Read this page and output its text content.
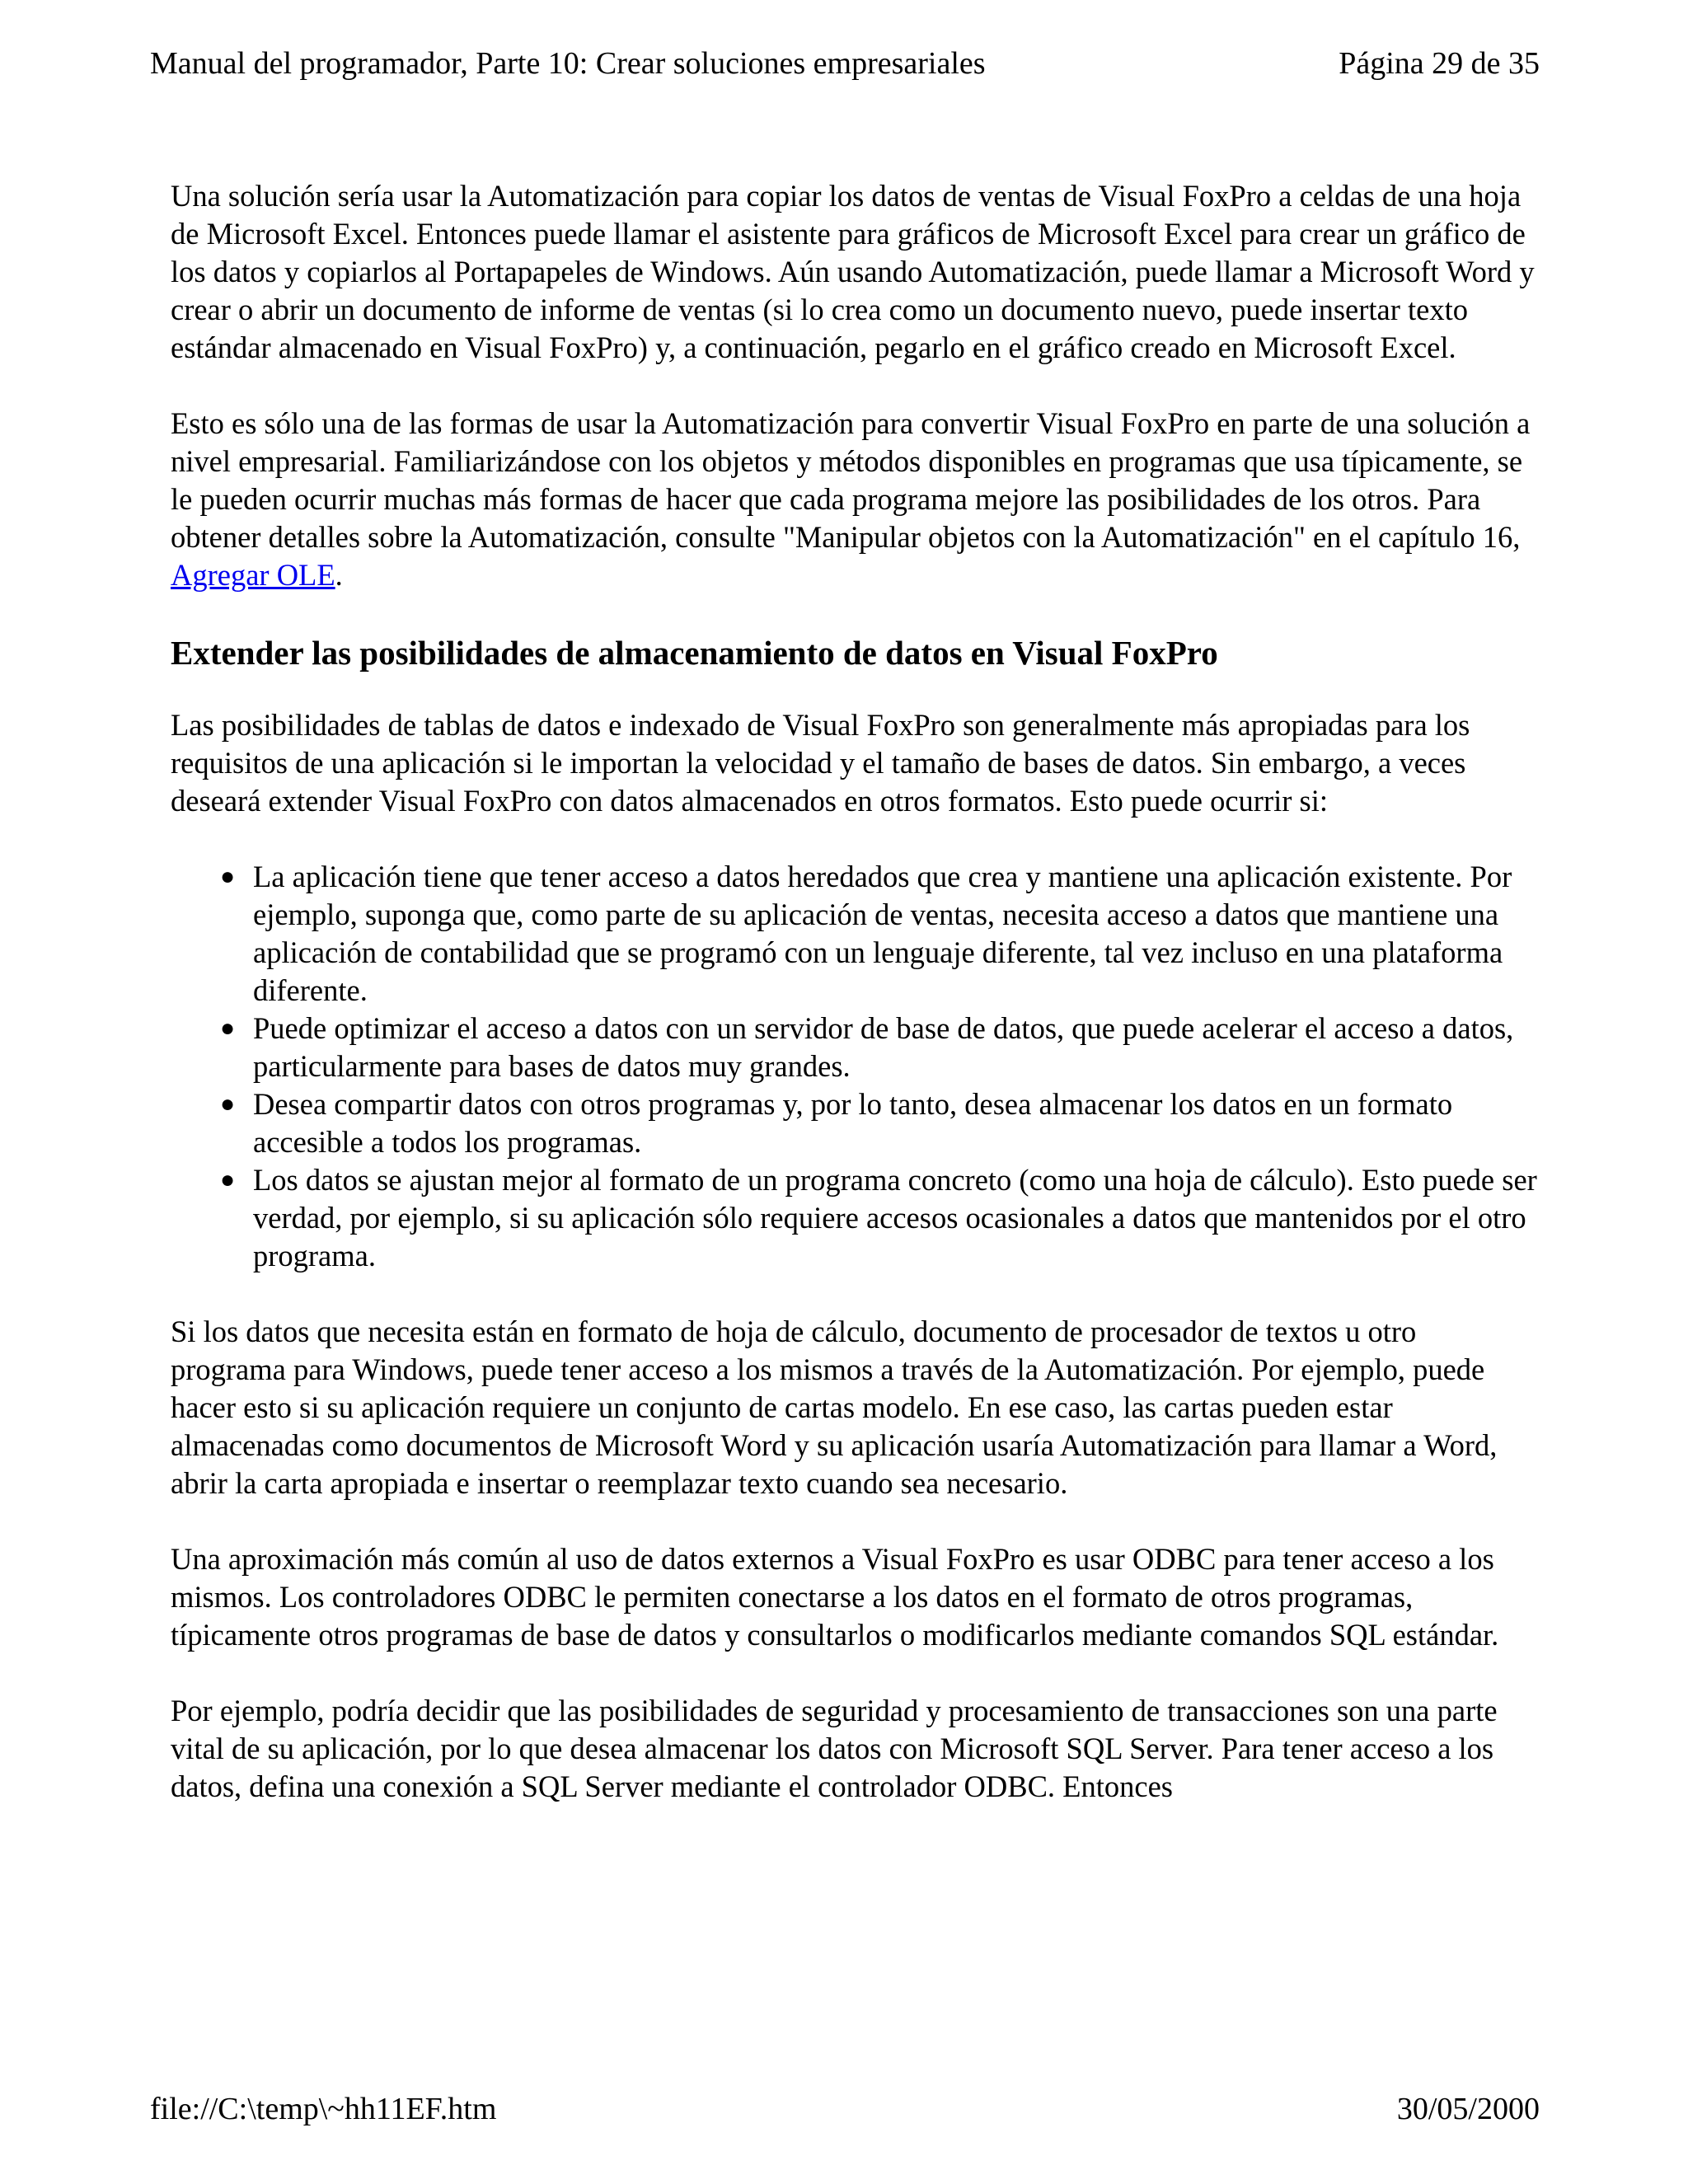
Manual del programador, Parte 10: Crear soluciones empresariales	Página 29 de 35

Una solución sería usar la Automatización para copiar los datos de ventas de Visual FoxPro a celdas de una hoja de Microsoft Excel. Entonces puede llamar el asistente para gráficos de Microsoft Excel para crear un gráfico de los datos y copiarlos al Portapapeles de Windows. Aún usando Automatización, puede llamar a Microsoft Word y crear o abrir un documento de informe de ventas (si lo crea como un documento nuevo, puede insertar texto estándar almacenado en Visual FoxPro) y, a continuación, pegarlo en el gráfico creado en Microsoft Excel.

Esto es sólo una de las formas de usar la Automatización para convertir Visual FoxPro en parte de una solución a nivel empresarial. Familiarizándose con los objetos y métodos disponibles en programas que usa típicamente, se le pueden ocurrir muchas más formas de hacer que cada programa mejore las posibilidades de los otros. Para obtener detalles sobre la Automatización, consulte "Manipular objetos con la Automatización" en el capítulo 16, Agregar OLE.

Extender las posibilidades de almacenamiento de datos en Visual FoxPro

Las posibilidades de tablas de datos e indexado de Visual FoxPro son generalmente más apropiadas para los requisitos de una aplicación si le importan la velocidad y el tamaño de bases de datos. Sin embargo, a veces deseará extender Visual FoxPro con datos almacenados en otros formatos. Esto puede ocurrir si:

● La aplicación tiene que tener acceso a datos heredados que crea y mantiene una aplicación existente. Por ejemplo, suponga que, como parte de su aplicación de ventas, necesita acceso a datos que mantiene una aplicación de contabilidad que se programó con un lenguaje diferente, tal vez incluso en una plataforma diferente.
● Puede optimizar el acceso a datos con un servidor de base de datos, que puede acelerar el acceso a datos, particularmente para bases de datos muy grandes.
● Desea compartir datos con otros programas y, por lo tanto, desea almacenar los datos en un formato accesible a todos los programas.
● Los datos se ajustan mejor al formato de un programa concreto (como una hoja de cálculo). Esto puede ser verdad, por ejemplo, si su aplicación sólo requiere accesos ocasionales a datos que mantenidos por el otro programa.

Si los datos que necesita están en formato de hoja de cálculo, documento de procesador de textos u otro programa para Windows, puede tener acceso a los mismos a través de la Automatización. Por ejemplo, puede hacer esto si su aplicación requiere un conjunto de cartas modelo. En ese caso, las cartas pueden estar almacenadas como documentos de Microsoft Word y su aplicación usaría Automatización para llamar a Word, abrir la carta apropiada e insertar o reemplazar texto cuando sea necesario.

Una aproximación más común al uso de datos externos a Visual FoxPro es usar ODBC para tener acceso a los mismos. Los controladores ODBC le permiten conectarse a los datos en el formato de otros programas, típicamente otros programas de base de datos y consultarlos o modificarlos mediante comandos SQL estándar.

Por ejemplo, podría decidir que las posibilidades de seguridad y procesamiento de transacciones son una parte vital de su aplicación, por lo que desea almacenar los datos con Microsoft SQL Server. Para tener acceso a los datos, defina una conexión a SQL Server mediante el controlador ODBC. Entonces

file://C:\temp\~hh11EF.htm	30/05/2000
